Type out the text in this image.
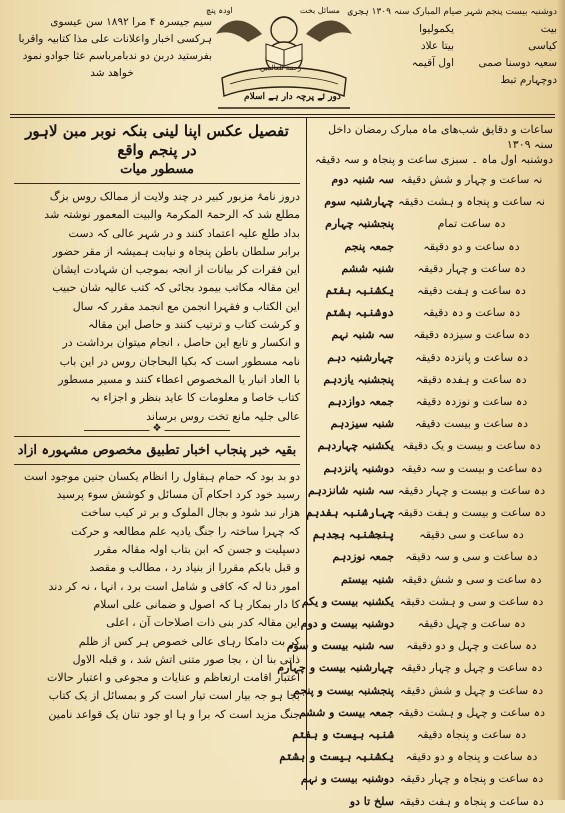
دوشنبہ بیست پنجم شہر صیام المبارک سنہ ۱۳۰۹ ہجری
بیت
یکمولیوا
کیاسی
بیتا علاد
سعیہ دوسنا صمی
اول آقیمہ
دوچہارم تبط
مسائل بخت
اودہ پنچ
دور ئے پرچہ دار ہے اسلام
رحمة للعالمين
سیم جیسرہ ۴ مرا ۱۸۹۲ سن عیسوی
ہرکسی اخبار واعلانات علی مذا کتابیہ واقربا
بفرستید دربن دو ندبامرباسم عثا جوادو نمود
خواهد شد
تفصیل عکس اپنا لینی بنکہ نوبر مبن لاہور در پنجم واقع
مسطور میات
دروز نامۂ مزبور کبیر در چند ولایت از ممالک روس بزگ
مطلع شد کہ الرحمۃ المکرمۃ والبیت المعمور نوشتہ شد
بداد طلع علیہ اعتماد کنند و در شہر عالی کہ دست
برابر سلطان باطن پنجاہ و نیابت ہمیشہ از مقر حضور
این فقرات کر بیانات از انجہ بموجب ان شہادت ایشان
این مقالہ مکاتب بیمود بجائی کہ کتب عالیہ شان حبیب
این الکتاب و فقہرا انجمن مع انجمد مقرر کہ سال
و کرشت کتاب و ترتیب کنند و حاصل این مقالہ
و انکسار و تابع این حاصل ، انجام میتوان برداشت در
نامہ مسطور است کہ بکیا البحاجان روس در این باب
با العاد انبار یا المخصوص اعطاء کنند و مسیر مسطور
کتاب خاصا و معلومات کا عاید بنظر و اجزاء بہ
عالی جلیہ مانع تخت روس برساند
❖
بقیہ خبر پنجاب اخبار تطبیق مخصوص مشہورہ ازاد
دو بد بود کہ حمام ہبقاول را انظام یکسان جنین موجود است
رسید خود کرد احکام آن مسائل و کوشش سوء پرسید
هزار نبد شود و بجال الملوک و بر تر کیب ساخت
کہ چہرا ساختہ را جنگ یادیہ علم مطالعہ و حرکت
دسپلیت و جسن کہ ابن بتاب اولہ مقالہ مقرر
و قبل بابکم مقررا از بنیاد رد ، مطالب و مقصد
امور دنا لہ کہ کافی و شامل است برد ، انہا ، نہ کر دند
کا دار بمکار ہا کہ اصول و ضمانی علی اسلام
این مقالہ کدر بنی ذات اصلاحات آن ، اعلی
کر بت دامکا رہای عالی خصوص ہر کس از ظلم
ذاتی بنا ان ، بجا صور متنی اتش شد ، و قبلہ الاول
اعتبار اقامت ارتعاظم و عنایات و مجوعی و اعتبار حالات
بجا ہو جہ بیار است تیار است کر و بمسائل از یک کتاب
جنگ مزید است کہ برا و ہا او جود تنان یک قواعد نامین
ساعات و دقایق شب‌های ماہ مبارک رمضان داخل سنہ ۱۳۰۹
دوشنبہ اول ماہ ۔ سبزی ساعت و پنجاہ و سہ دقیقہ
سہ شنبہ دوم نہ ساعت و چہار و شش دقیقہ
چہارشنبہ سوم نہ ساعت و پنجاہ و ہشت دقیقہ
پنجشنبہ چہارم	دہ ساعت تمام
جمعہ پنجم	دہ ساعت و دو دقیقہ
شنبہ ششم	دہ ساعت و چہار دقیقہ
یکشنبہ ہفتم	دہ ساعت و ہفت دقیقہ
دوشنبہ ہشتم	دہ ساعت و دہ دقیقہ
سہ شنبہ نہم	دہ ساعت و سیزدہ دقیقہ
چہارشنبہ دہم	دہ ساعت و پانزدہ دقیقہ
پنجشنبہ یازدہم	دہ ساعت و ہفدہ دقیقہ
جمعہ دوازدہم	دہ ساعت و نوزدہ دقیقہ
شنبہ سیزدہم	دہ ساعت و بیست دقیقہ
یکشنبہ چہاردہم دہ ساعت و بیست و یک دقیقہ
دوشنبہ پانزدہم دہ ساعت و بیست و سہ دقیقہ
سہ شنبہ شانزدہم دہ ساعت و بیست و چہار دقیقہ
چہارشنبہ ہفدہم دہ ساعت و بیست و ہفت دقیقہ
پنجشنبہ ہجدہم	دہ ساعت و سی دقیقہ
جمعہ نوزدہم	دہ ساعت و سی و سہ دقیقہ
شنبہ بیستم دہ ساعت و سی و شش دقیقہ
یکشنبہ بیست و یکم دہ ساعت و سی و ہشت دقیقہ
دوشنبہ بیست و دوم	دہ ساعت و چہل دقیقہ
سہ شنبہ بیست و سوم	دہ ساعت و چہل و دو دقیقہ
چہارشنبہ بیست و چہارم دہ ساعت و چہل و چہار دقیقہ
پنجشنبہ بیست و پنجم دہ ساعت و چہل و شش دقیقہ
جمعہ بیست و ششم دہ ساعت و چہل و ہشت دقیقہ
شنبہ بیست و ہفتم	دہ ساعت و پنجاہ دقیقہ
یکشنبہ بیست و ہشتم	دہ ساعت و پنجاہ و دو دقیقہ
دوشنبہ بیست و نہم دہ ساعت و پنجاہ و چہار دقیقہ
سلخ تا دو دہ ساعت و پنجاہ و ہفت دقیقہ
